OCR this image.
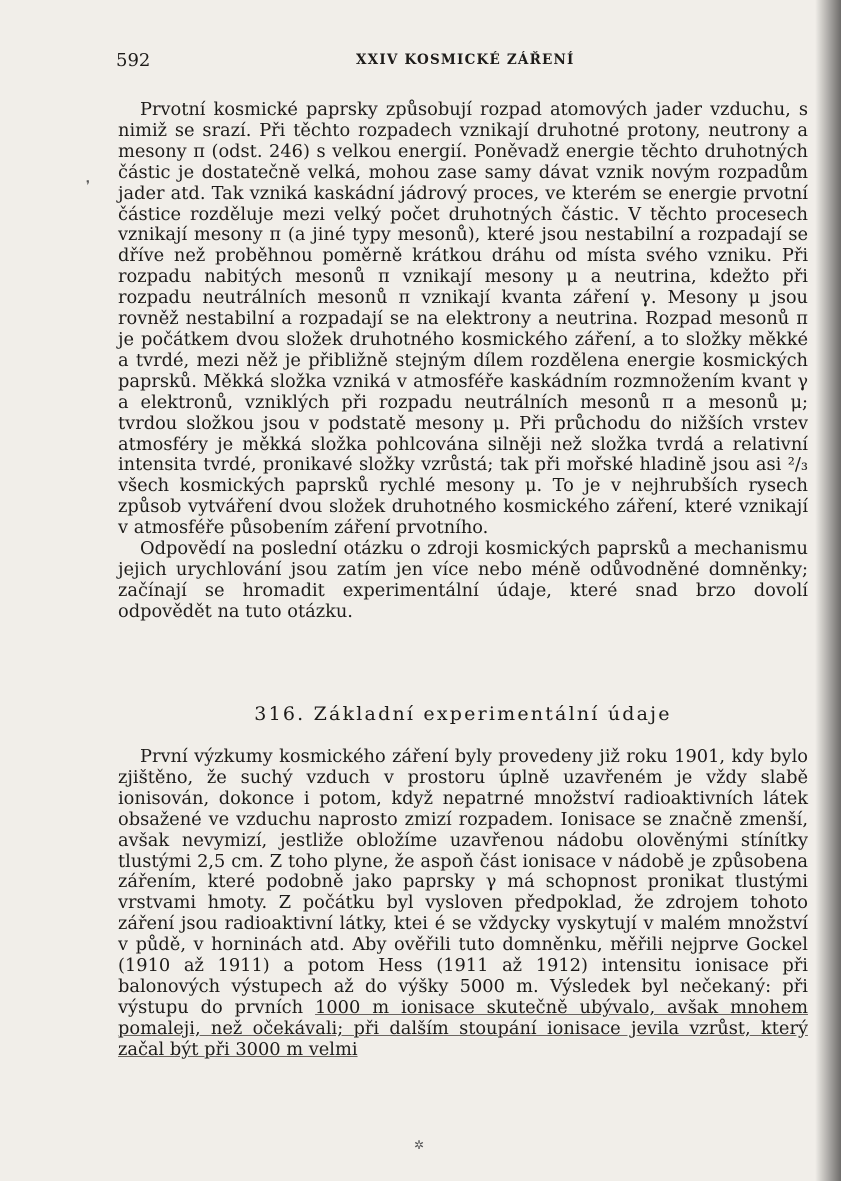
592	XXIV KOSMICKÉ ZÁŘENÍ

Prvotní kosmické paprsky způsobují rozpad atomových jader vzduchu, s nimiž se srazí. Při těchto rozpadech vznikají druhotné protony, neutrony a mesony π (odst. 246) s velkou energií. Poněvadž energie těchto druhotných částic je dostatečně velká, mohou zase samy dávat vznik novým rozpadům jader atd. Tak vzniká kaskádní jádrový proces, ve kterém se energie prvotní částice rozděluje mezi velký počet druhotných částic. V těchto procesech vznikají mesony π (a jiné typy mesonů), které jsou nestabilní a rozpadají se dříve než proběhnou poměrně krátkou dráhu od místa svého vzniku. Při rozpadu nabitých mesonů π vznikají mesony μ a neutrina, kdežto při rozpadu neutrálních mesonů π vznikají kvanta záření γ. Mesony μ jsou rovněž nestabilní a rozpadají se na elektrony a neutrina. Rozpad mesonů π je počátkem dvou složek druhotného kosmického záření, a to složky měkké a tvrdé, mezi něž je přibližně stejným dílem rozdělena energie kosmických paprsků. Měkká složka vzniká v atmosféře kaskádním rozmnožením kvant γ a elektronů, vzniklých při rozpadu neutrálních mesonů π a mesonů μ; tvrdou složkou jsou v podstatě mesony μ. Při průchodu do nižších vrstev atmosféry je měkká složka pohlcována silněji než složka tvrdá a relativní intensita tvrdé, pronikavé složky vzrůstá; tak při mořské hladině jsou asi ²/₃ všech kosmických paprsků rychlé mesony μ. To je v nejhrubších rysech způsob vytváření dvou složek druhotného kosmického záření, které vznikají v atmosféře působením záření prvotního.

Odpovědí na poslední otázku o zdroji kosmických paprsků a mechanismu jejich urychlování jsou zatím jen více nebo méně odůvodněné domněnky; začínají se hromadit experimentální údaje, které snad brzo dovolí odpovědět na tuto otázku.

316. Základní experimentální údaje

První výzkumy kosmického záření byly provedeny již roku 1901, kdy bylo zjištěno, že suchý vzduch v prostoru úplně uzavřeném je vždy slabě ionisován, dokonce i potom, když nepatrné množství radioaktivních látek obsažené ve vzduchu naprosto zmizí rozpadem. Ionisace se značně zmenší, avšak nevymizí, jestliže obložíme uzavřenou nádobu olověnými stínítky tlustými 2,5 cm. Z toho plyne, že aspoň část ionisace v nádobě je způsobena zářením, které podobně jako paprsky γ má schopnost pronikat tlustými vrstvami hmoty. Z počátku byl vysloven předpoklad, že zdrojem tohoto záření jsou radioaktivní látky, ktei é se vždycky vyskytují v malém množství v půdě, v horninách atd. Aby ověřili tuto domněnku, měřili nejprve Gockel (1910 až 1911) a potom Hess (1911 až 1912) intensitu ionisace při balonových výstupech až do výšky 5000 m. Výsledek byl nečekaný: při výstupu do prvních 1000 m ionisace skutečně ubývalo, avšak mnohem pomaleji, než očekávali; při dalším stoupání ionisace jevila vzrůst, který začal být při 3000 m velmi

❜
✲
